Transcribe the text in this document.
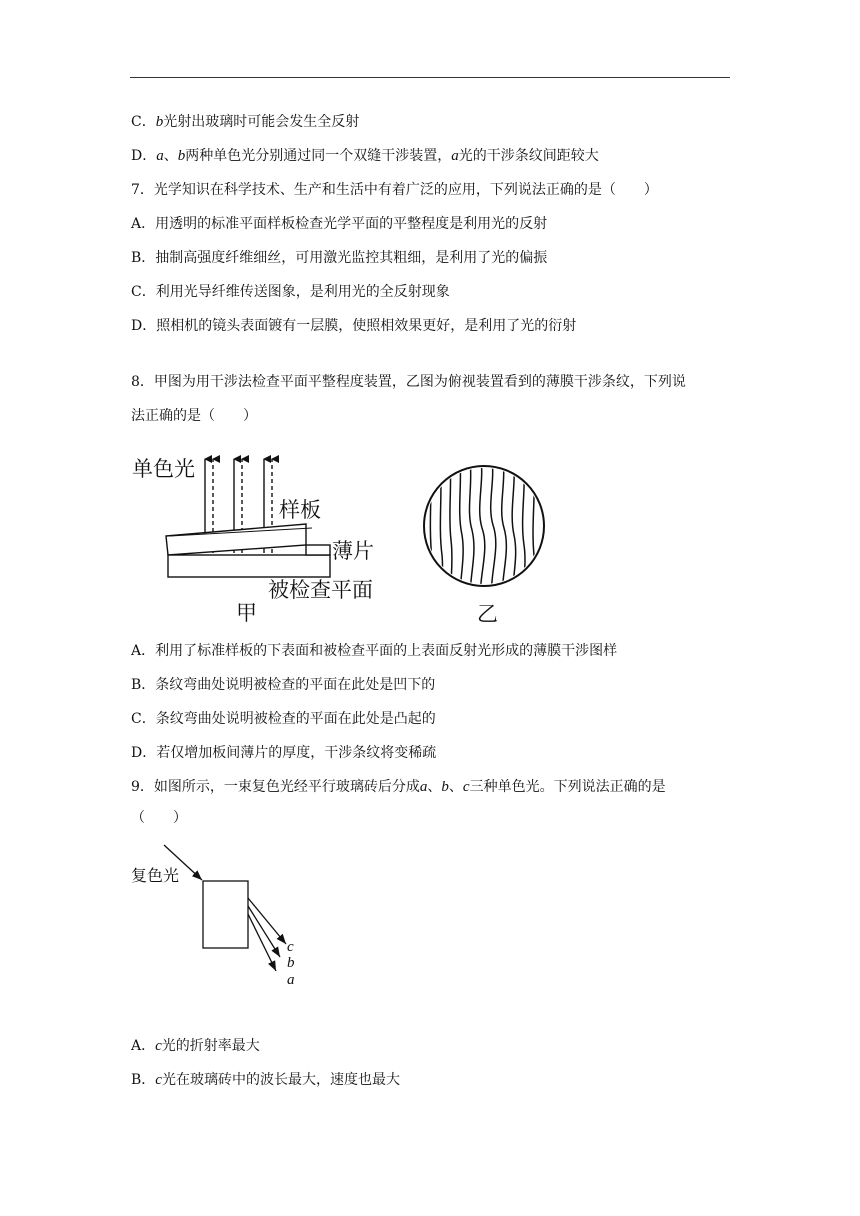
C．b光射出玻璃时可能会发生全反射
D．a、b两种单色光分别通过同一个双缝干涉装置，a光的干涉条纹间距较大
7．光学知识在科学技术、生产和生活中有着广泛的应用，下列说法正确的是（　　）
A．用透明的标准平面样板检查光学平面的平整程度是利用光的反射
B．抽制高强度纤维细丝，可用激光监控其粗细，是利用了光的偏振
C．利用光导纤维传送图象，是利用光的全反射现象
D．照相机的镜头表面镀有一层膜，使照相效果更好，是利用了光的衍射
8．甲图为用干涉法检查平面平整程度装置，乙图为俯视装置看到的薄膜干涉条纹，下列说
法正确的是（　　）
单色光
样板
薄片
被检查平面
甲	乙
复色光
c
b
a
A．利用了标准样板的下表面和被检查平面的上表面反射光形成的薄膜干涉图样
B．条纹弯曲处说明被检查的平面在此处是凹下的
C．条纹弯曲处说明被检查的平面在此处是凸起的
D．若仅增加板间薄片的厚度，干涉条纹将变稀疏
9．如图所示，一束复色光经平行玻璃砖后分成a、b、c三种单色光。下列说法正确的是
（　　）
A．c光的折射率最大
B．c光在玻璃砖中的波长最大，速度也最大
